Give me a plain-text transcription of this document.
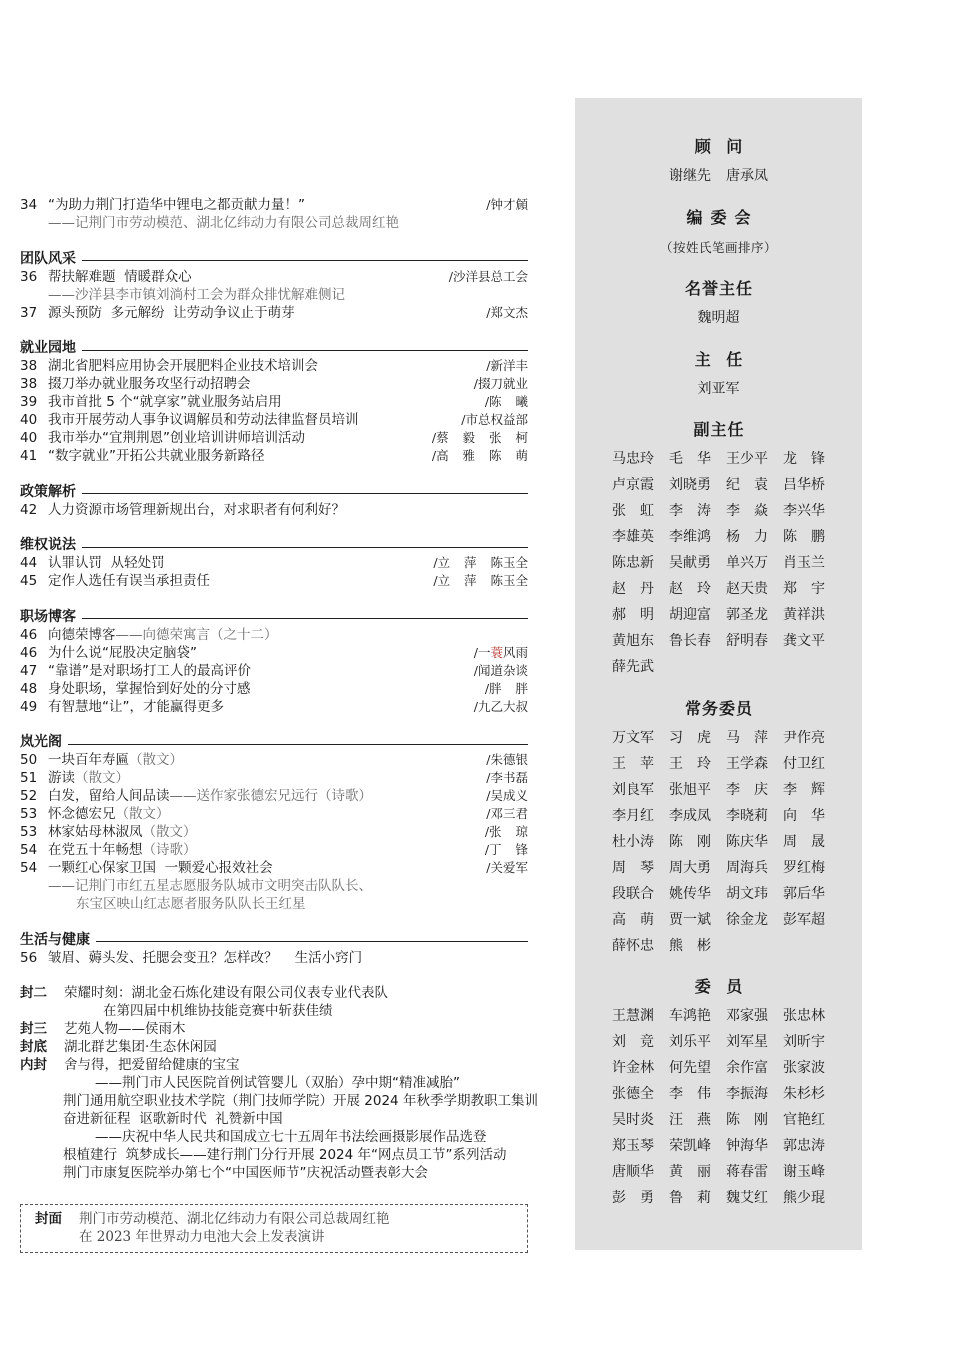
34 “为助力荆门打造华中锂电之都贡献力量！”	/钟才頠
——记荆门市劳动模范、湖北亿纬动力有限公司总裁周红艳
团队风采
36 帮扶解难题  情暖群众心	/沙洋县总工会
——沙洋县李市镇刘淌村工会为群众排忧解难侧记
37 源头预防  多元解纷  让劳动争议止于萌芽	/郑文杰
就业园地
38 湖北省肥料应用协会开展肥料企业技术培训会	/新洋丰
38 掇刀举办就业服务攻坚行动招聘会	/掇刀就业
39 我市首批 5 个“就享家”就业服务站启用	/陈 曦
40 我市开展劳动人事争议调解员和劳动法律监督员培训	/市总权益部
40 我市举办“宜荆荆恩”创业培训讲师培训活动	/蔡 毅 张 柯
41 “数字就业”开拓公共就业服务新路径	/高 雅 陈 萌
政策解析
42 人力资源市场管理新规出台，对求职者有何利好？
维权说法
44 认罪认罚  从轻处罚	/立 萍 陈玉全
45 定作人选任有误当承担责任	/立 萍 陈玉全
职场博客
46 向德荣博客——向德荣寓言（之十二）
46 为什么说“屁股决定脑袋”	/一蓑风雨
47 “靠谱”是对职场打工人的最高评价	/闻道杂谈
48 身处职场，掌握恰到好处的分寸感	/胖 胖
49 有智慧地“让”，才能赢得更多	/九乙大叔
岚光阁
50 一块百年寿匾（散文）	/朱德银
51 游读（散文）	/李书磊
52 白发，留给人间品读——送作家张德宏兄远行（诗歌）	/吴成义
53 怀念德宏兄（散文）	/邓三君
53 林家姑母林淑凤（散文）	/张 琼
54 在党五十年畅想（诗歌）	/丁 锋
54 一颗红心保家卫国  一颗爱心报效社会	/关爱军
——记荆门市红五星志愿服务队城市文明突击队队长、
东宝区映山红志愿者服务队队长王红星
生活与健康
56 皱眉、薅头发、托腮会变丑？怎样改？    生活小窍门
封二	荣耀时刻：湖北金石炼化建设有限公司仪表专业代表队
在第四届中机维协技能竞赛中斩获佳绩
封三	艺苑人物——侯雨木
封底	湖北群艺集团·生态休闲园
内封	舍与得，把爱留给健康的宝宝
——荆门市人民医院首例试管婴儿（双胎）孕中期“精准减胎”
荆门通用航空职业技术学院（荆门技师学院）开展 2024 年秋季学期教职工集训
奋进新征程  讴歌新时代  礼赞新中国
——庆祝中华人民共和国成立七十五周年书法绘画摄影展作品选登
根植建行  筑梦成长——建行荆门分行开展 2024 年“网点员工节”系列活动
荆门市康复医院举办第七个“中国医师节”庆祝活动暨表彰大会
封面	荆门市劳动模范、湖北亿纬动力有限公司总裁周红艳
在 2023 年世界动力电池大会上发表演讲
顾 问
谢继先 唐承凤
编委会
（按姓氏笔画排序）
名誉主任
魏明超
主 任
刘亚军
副主任
马忠玲 毛 华 王少平 龙 锋
卢京霞 刘晓勇 纪 袁 吕华桥
张 虹 李 涛 李 焱 李兴华
李雄英 李维鸿 杨 力 陈 鹏
陈忠新 吴献勇 单兴万 肖玉兰
赵 丹 赵 玲 赵天贵 郑 宇
郝 明 胡迎富 郭圣龙 黄祥洪
黄旭东 鲁长春 舒明春 龚文平
薛先武
常务委员
万文军 习 虎 马 萍 尹作亮
王 苹 王 玲 王学森 付卫红
刘良军 张旭平 李 庆 李 辉
李月红 李成凤 李晓莉 向 华
杜小涛 陈 刚 陈庆华 周 晟
周 琴 周大勇 周海兵 罗红梅
段联合 姚传华 胡文玮 郭后华
高 萌 贾一斌 徐金龙 彭军超
薛怀忠 熊 彬
委 员
王慧渊 车鸿艳 邓家强 张忠林
刘 竞 刘乐平 刘军星 刘昕宇
许金林 何先望 余作富 张家波
张德全 李 伟 李振海 朱杉杉
吴时炎 汪 燕 陈 刚 官艳红
郑玉琴 荣凯峰 钟海华 郭忠涛
唐顺华 黄 丽 蒋春雷 谢玉峰
彭 勇 鲁 莉 魏艾红 熊少琨
